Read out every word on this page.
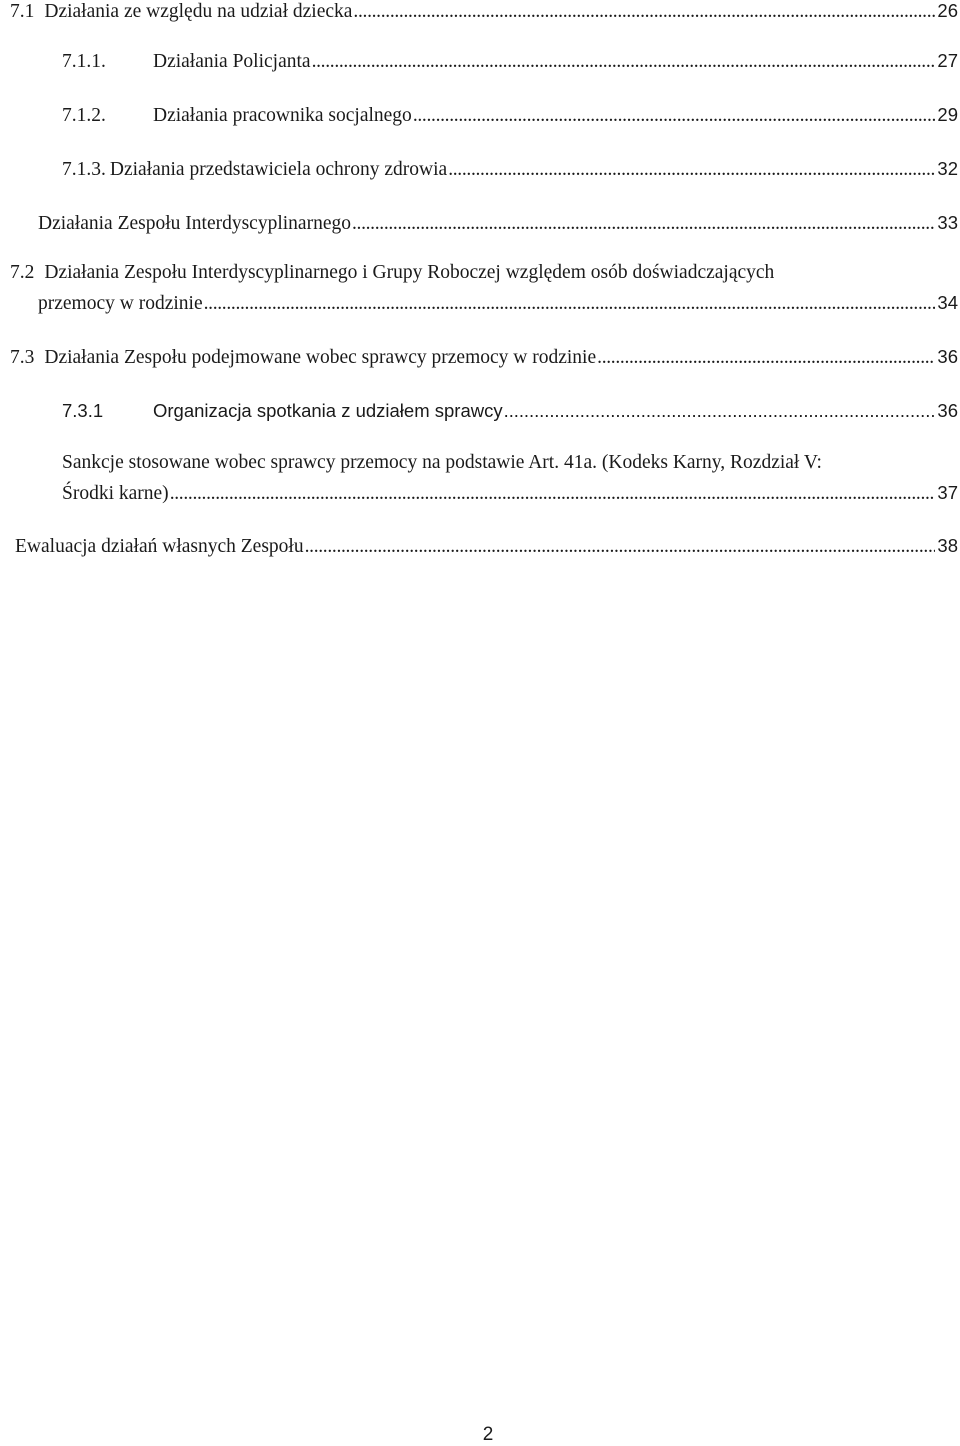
7.1 Działania ze względu na udział dziecka . . .	26
7.1.1. Działania Policjanta . . .	27
7.1.2. Działania pracownika socjalnego . . .	29
7.1.3. Działania przedstawiciela ochrony zdrowia . . .	32
Działania Zespołu Interdyscyplinarnego . . .	33
7.2 Działania Zespołu Interdyscyplinarnego i Grupy Roboczej względem osób doświadczających
przemocy w rodzinie . . .	34
7.3 Działania Zespołu podejmowane wobec sprawcy przemocy w rodzinie . . .	36
7.3.1	Organizacja spotkania z udziałem sprawcy . . .	36
Sankcje stosowane wobec sprawcy przemocy na podstawie Art. 41a. (Kodeks Karny, Rozdział V:
Środki karne) . . .	37
Ewaluacja działań własnych Zespołu . . .	38
2
